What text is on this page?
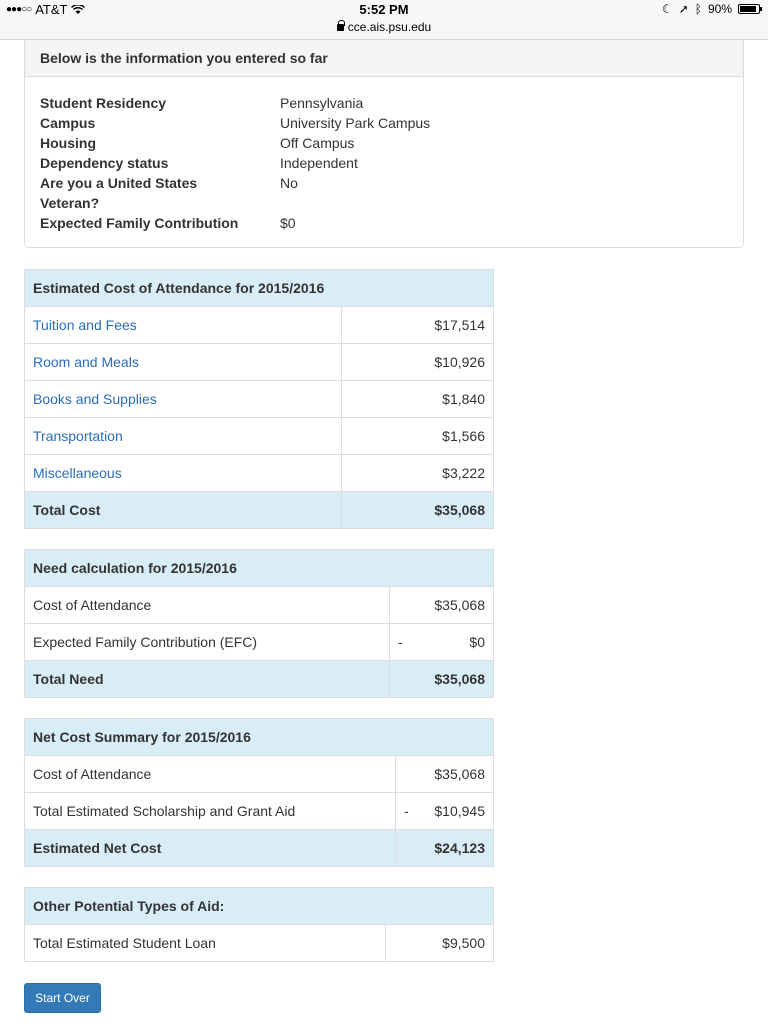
●●●○○ AT&T	5:52 PM
cce.ais.psu.edu
☾ ➚ ᛒ 90%
Below is the information you entered so far
Student Residency	Pennsylvania
Campus	University Park Campus
Housing	Off Campus
Dependency status	Independent
Are you a United States	No
Veteran?
Expected Family Contribution	$0
Estimated Cost of Attendance for 2015/2016	
Tuition and Fees	$17,514
Room and Meals	$10,926
Books and Supplies	$1,840
Transportation	$1,566
Miscellaneous	$3,222
Total Cost	$35,068
Need calculation for 2015/2016		
Cost of Attendance		$35,068
Expected Family Contribution (EFC)	-	$0
Total Need	$35,068	
Net Cost Summary for 2015/2016		
Cost of Attendance		$35,068
Total Estimated Scholarship and Grant Aid	-	$10,945
Estimated Net Cost	$24,123	
Other Potential Types of Aid:
Total Estimated Student Loan	$9,500
Start Over
